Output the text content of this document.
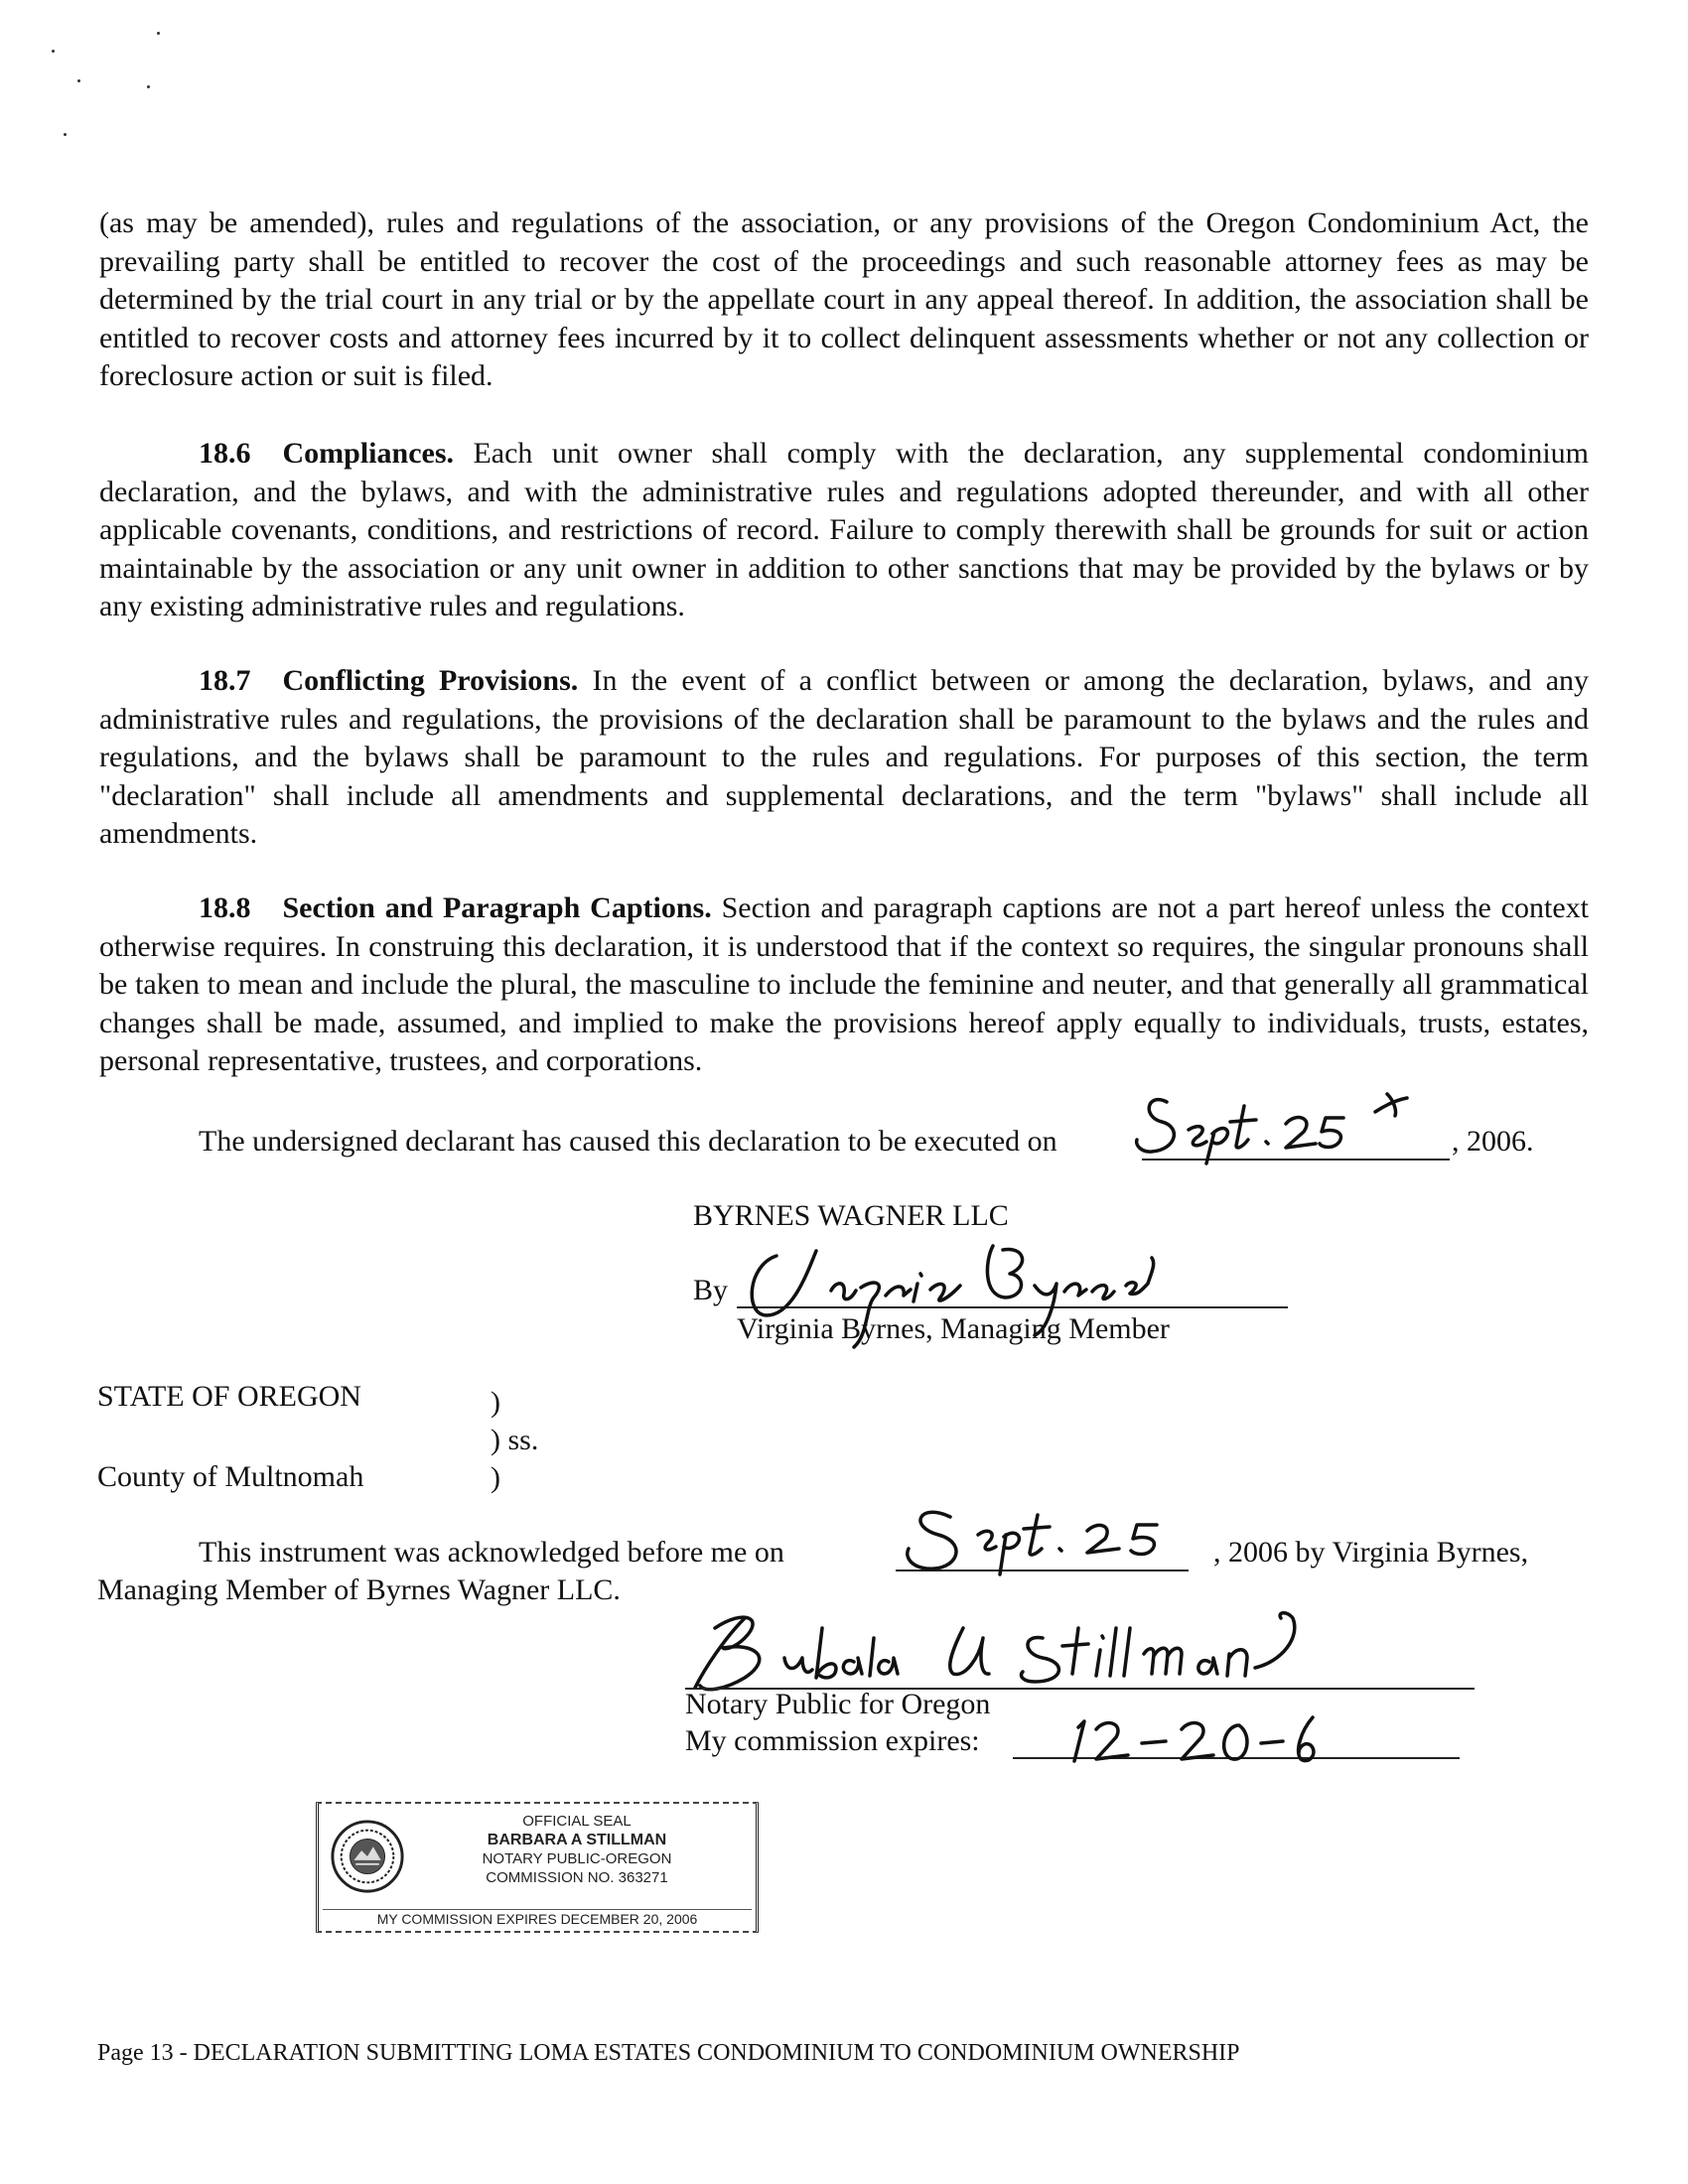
(as may be amended), rules and regulations of the association, or any provisions of the Oregon Condominium Act, the prevailing party shall be entitled to recover the cost of the proceedings and such reasonable attorney fees as may be determined by the trial court in any trial or by the appellate court in any appeal thereof. In addition, the association shall be entitled to recover costs and attorney fees incurred by it to collect delinquent assessments whether or not any collection or foreclosure action or suit is filed.

18.6 Compliances. Each unit owner shall comply with the declaration, any supplemental condominium declaration, and the bylaws, and with the administrative rules and regulations adopted thereunder, and with all other applicable covenants, conditions, and restrictions of record. Failure to comply therewith shall be grounds for suit or action maintainable by the association or any unit owner in addition to other sanctions that may be provided by the bylaws or by any existing administrative rules and regulations.

18.7 Conflicting Provisions. In the event of a conflict between or among the declaration, bylaws, and any administrative rules and regulations, the provisions of the declaration shall be paramount to the bylaws and the rules and regulations, and the bylaws shall be paramount to the rules and regulations. For purposes of this section, the term "declaration" shall include all amendments and supplemental declarations, and the term "bylaws" shall include all amendments.

18.8 Section and Paragraph Captions. Section and paragraph captions are not a part hereof unless the context otherwise requires. In construing this declaration, it is understood that if the context so requires, the singular pronouns shall be taken to mean and include the plural, the masculine to include the feminine and neuter, and that generally all grammatical changes shall be made, assumed, and implied to make the provisions hereof apply equally to individuals, trusts, estates, personal representative, trustees, and corporations.

The undersigned declarant has caused this declaration to be executed on	, 2006.

BYRNES WAGNER LLC

By

Virginia Byrnes, Managing Member

STATE OF OREGON	)

) ss.

County of Multnomah	)

This instrument was acknowledged before me on	, 2006 by Virginia Byrnes,

Managing Member of Byrnes Wagner LLC.

Notary Public for Oregon

My commission expires:

OFFICIAL SEAL
BARBARA A STILLMAN
NOTARY PUBLIC-OREGON
COMMISSION NO. 363271
MY COMMISSION EXPIRES DECEMBER 20, 2006
Page 13 - DECLARATION SUBMITTING LOMA ESTATES CONDOMINIUM TO CONDOMINIUM OWNERSHIP
